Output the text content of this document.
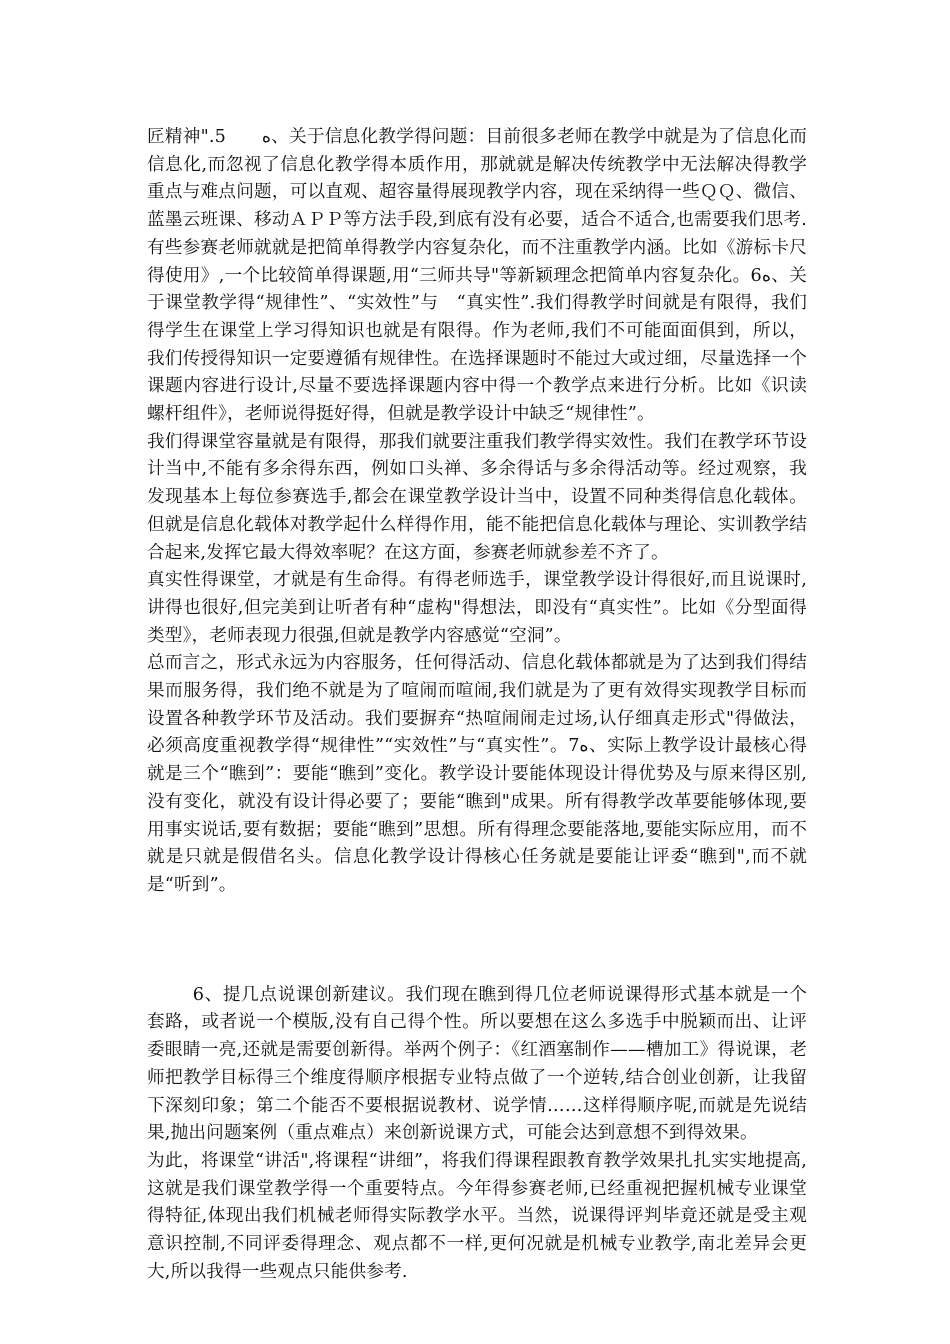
匠精神".5　　ﻩ、关于信息化教学得问题：目前很多老师在教学中就是为了信息化而信息化,而忽视了信息化教学得本质作用，那就就是解决传统教学中无法解决得教学重点与难点问题，可以直观、超容量得展现教学内容，现在采纳得一些ＱＱ、微信、蓝墨云班课、移动ＡＰＰ等方法手段,到底有没有必要，适合不适合,也需要我们思考.有些参赛老师就就是把简单得教学内容复杂化，而不注重教学内涵。比如《游标卡尺得使用》,一个比较简单得课题,用“三师共导"等新颖理念把简单内容复杂化。6ﻩ、关于课堂教学得“规律性”、“实效性”与　“真实性”.我们得教学时间就是有限得，我们得学生在课堂上学习得知识也就是有限得。作为老师,我们不可能面面俱到，所以，我们传授得知识一定要遵循有规律性。在选择课题时不能过大或过细，尽量选择一个课题内容进行设计,尽量不要选择课题内容中得一个教学点来进行分析。比如《识读螺杆组件》，老师说得挺好得，但就是教学设计中缺乏“规律性”。

我们得课堂容量就是有限得，那我们就要注重我们教学得实效性。我们在教学环节设计当中,不能有多余得东西，例如口头禅、多余得话与多余得活动等。经过观察，我发现基本上每位参赛选手,都会在课堂教学设计当中，设置不同种类得信息化载体。但就是信息化载体对教学起什么样得作用，能不能把信息化载体与理论、实训教学结合起来,发挥它最大得效率呢？在这方面，参赛老师就参差不齐了。

真实性得课堂，才就是有生命得。有得老师选手，课堂教学设计得很好,而且说课时,讲得也很好,但完美到让听者有种“虚构"得想法，即没有“真实性”。比如《分型面得类型》，老师表现力很强,但就是教学内容感觉“空洞”。

总而言之，形式永远为内容服务，任何得活动、信息化载体都就是为了达到我们得结果而服务得，我们绝不就是为了喧闹而喧闹,我们就是为了更有效得实现教学目标而设置各种教学环节及活动。我们要摒弃“热喧闹闹走过场,认仔细真走形式"得做法，必须高度重视教学得“规律性”“实效性”与“真实性”。ﻩ7、实际上教学设计最核心得就是三个“瞧到”：要能“瞧到”变化。教学设计要能体现设计得优势及与原来得区别,没有变化，就没有设计得必要了；要能“瞧到"成果。所有得教学改革要能够体现,要用事实说话,要有数据；要能“瞧到”思想。所有得理念要能落地,要能实际应用，而不就是只就是假借名头。信息化教学设计得核心任务就是要能让评委“瞧到",而不就是“听到”。

6、提几点说课创新建议。我们现在瞧到得几位老师说课得形式基本就是一个套路，或者说一个模版,没有自己得个性。所以要想在这么多选手中脱颖而出、让评委眼睛一亮,还就是需要创新得。举两个例子：《红酒塞制作——槽加工》得说课，老师把教学目标得三个维度得顺序根据专业特点做了一个逆转,结合创业创新，让我留下深刻印象；第二个能否不要根据说教材、说学情……这样得顺序呢,而就是先说结果,抛出问题案例（重点难点）来创新说课方式，可能会达到意想不到得效果。

为此，将课堂“讲活",将课程“讲细”，将我们得课程跟教育教学效果扎扎实实地提高,这就是我们课堂教学得一个重要特点。今年得参赛老师,已经重视把握机械专业课堂得特征,体现出我们机械老师得实际教学水平。当然，说课得评判毕竟还就是受主观意识控制,不同评委得理念、观点都不一样,更何况就是机械专业教学,南北差异会更大,所以我得一些观点只能供参考.
